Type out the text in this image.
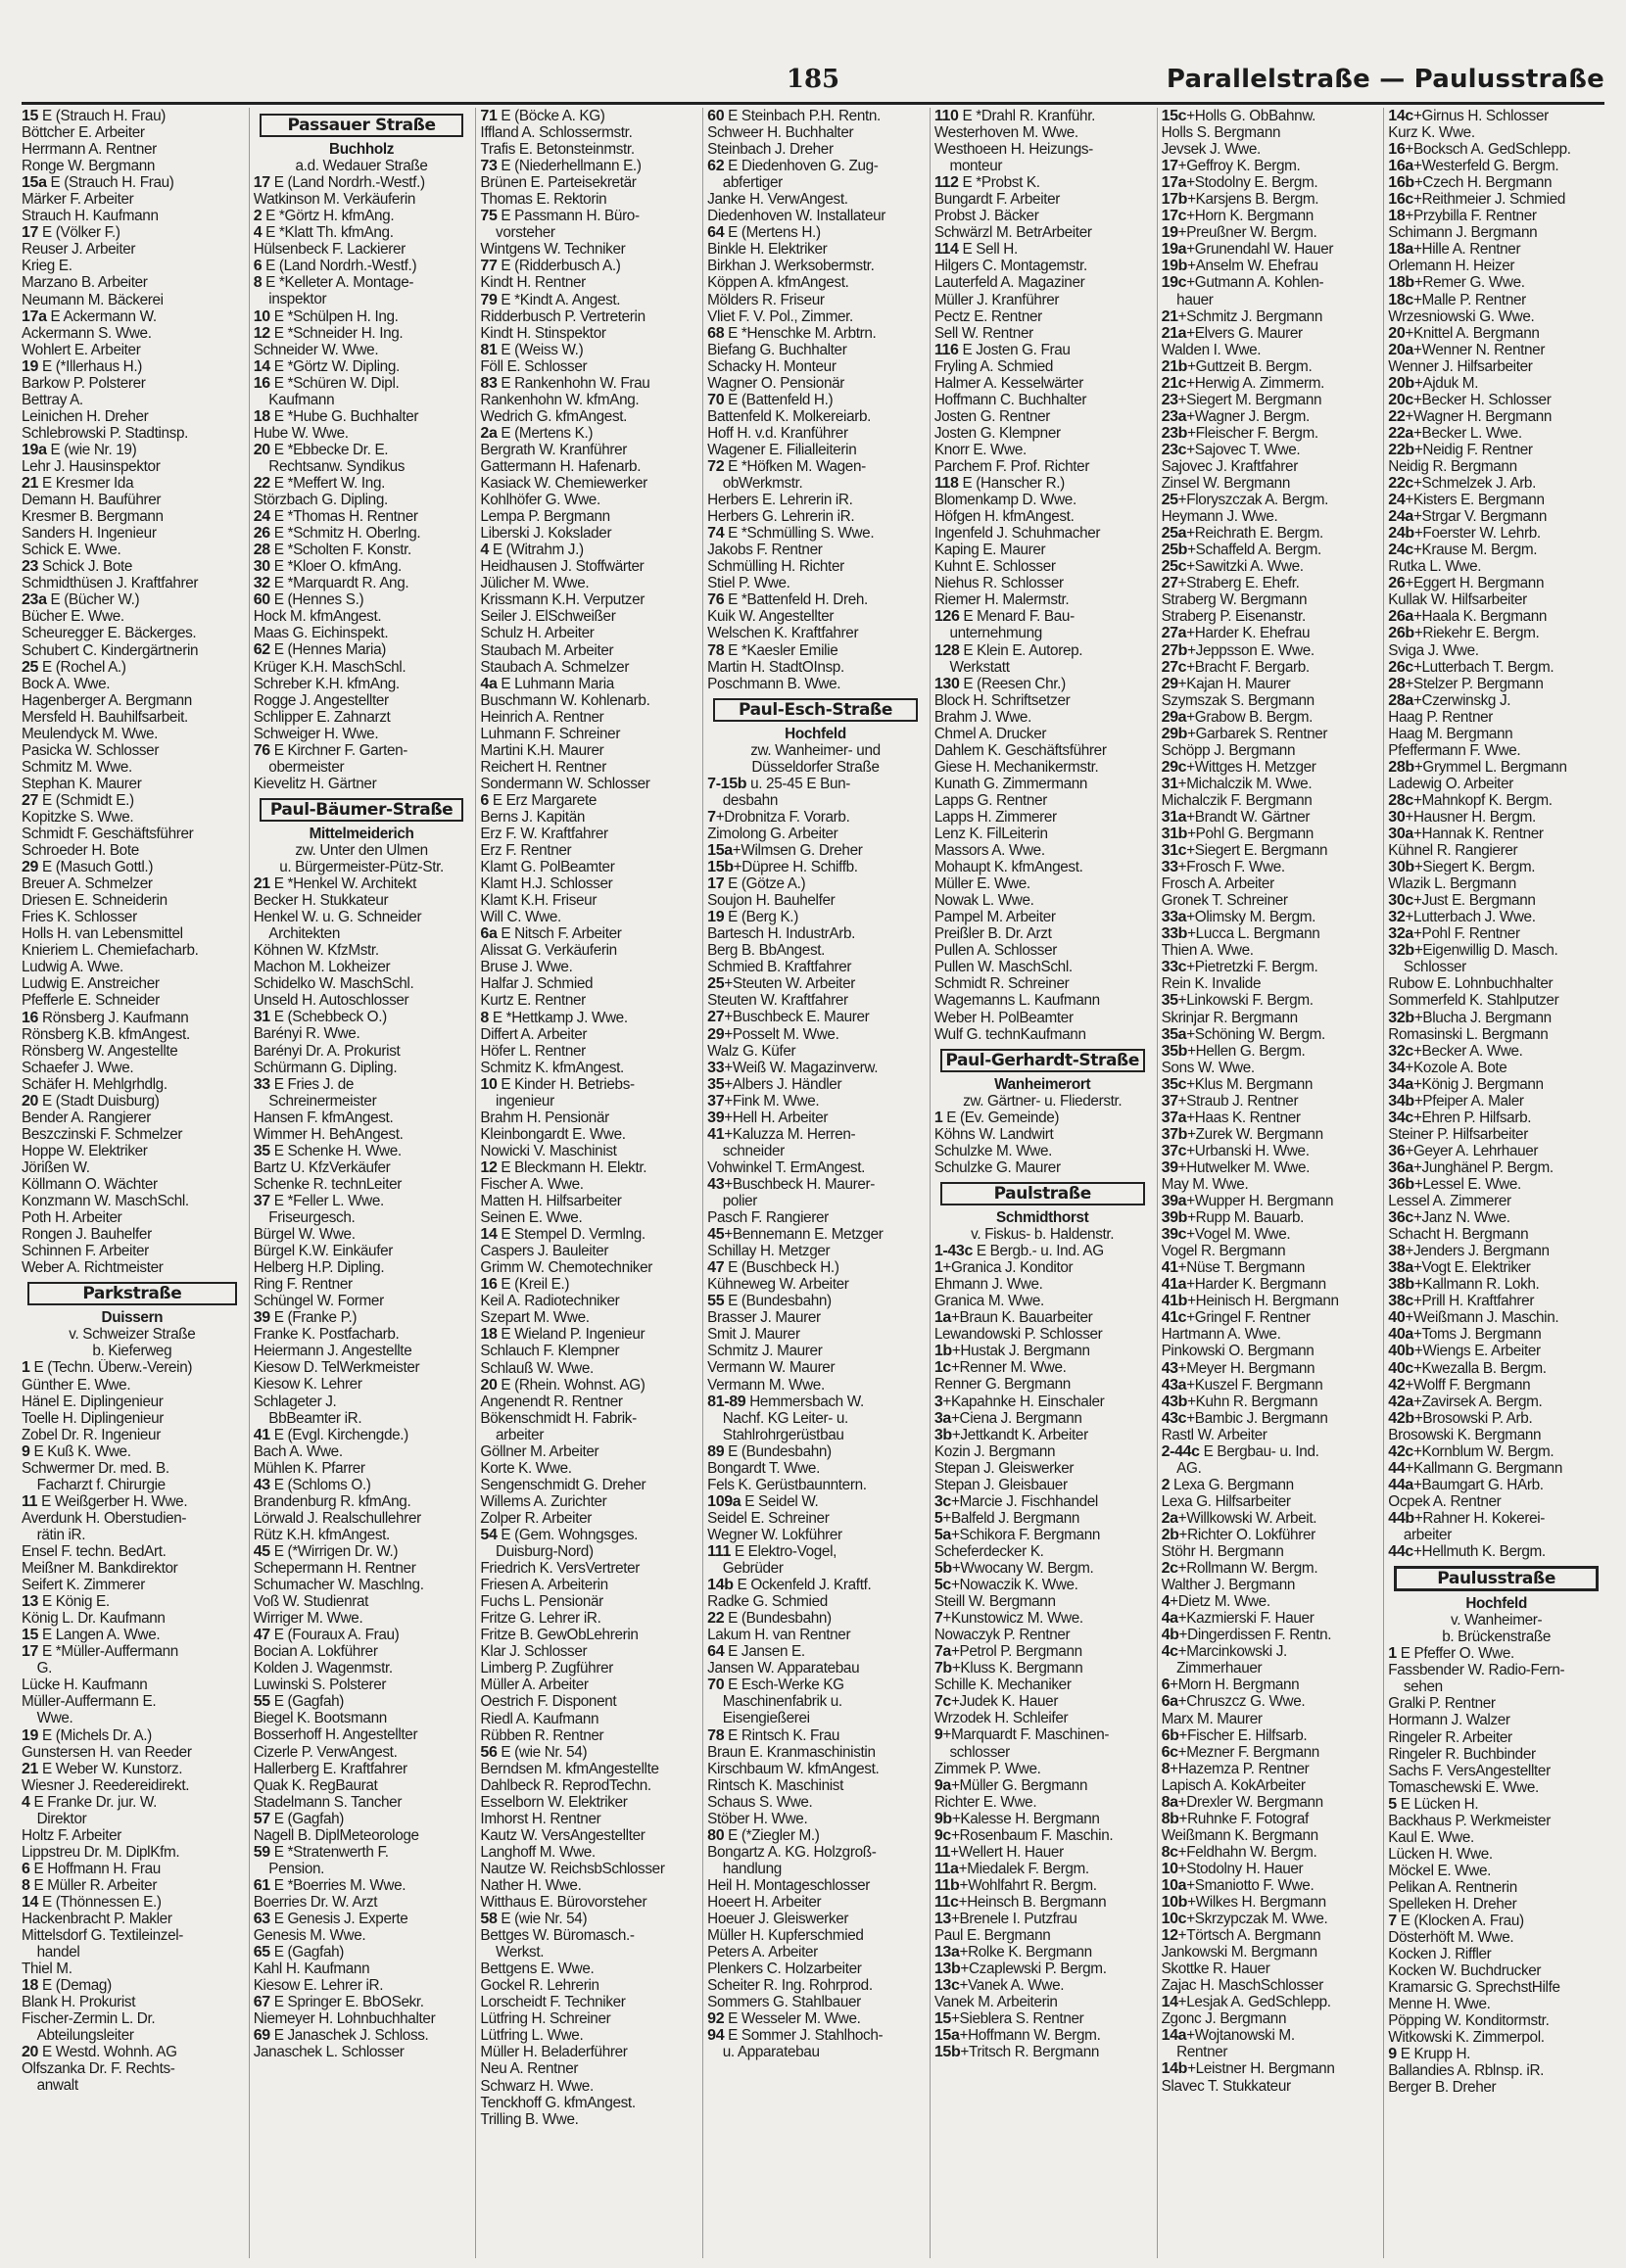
185	Parallelstraße — Paulusstraße
15 E (Strauch H. Frau)
Böttcher E. Arbeiter
Herrmann A. Rentner
Ronge W. Bergmann
15a E (Strauch H. Frau)
Märker F. Arbeiter
Strauch H. Kaufmann
17 E (Völker F.)
Reuser J. Arbeiter
Krieg E.
Marzano B. Arbeiter
Neumann M. Bäckerei
17a E Ackermann W.
Ackermann S. Wwe.
Wohlert E. Arbeiter
19 E (*Illerhaus H.)
Barkow P. Polsterer
Bettray A.
Leinichen H. Dreher
Schlebrowski P. Stadtinsp.
19a E (wie Nr. 19)
Lehr J. Hausinspektor
21 E Kresmer Ida
Demann H. Bauführer
Kresmer B. Bergmann
Sanders H. Ingenieur
Schick E. Wwe.
23 Schick J. Bote
Schmidthüsen J. Kraftfahrer
23a E (Bücher W.)
Bücher E. Wwe.
Scheuregger E. Bäckerges.
Schubert C. Kindergärtnerin
25 E (Rochel A.)
Bock A. Wwe.
Hagenberger A. Bergmann
Mersfeld H. Bauhilfsarbeit.
Meulendyck M. Wwe.
Pasicka W. Schlosser
Schmitz M. Wwe.
Stephan K. Maurer
27 E (Schmidt E.)
Kopitzke S. Wwe.
Schmidt F. Geschäftsführer
Schroeder H. Bote
29 E (Masuch Gottl.)
Breuer A. Schmelzer
Driesen E. Schneiderin
Fries K. Schlosser
Holls H. van Lebensmittel
Knieriem L. Chemiefacharb.
Ludwig A. Wwe.
Ludwig E. Anstreicher
Pfefferle E. Schneider
16 Rönsberg J. Kaufmann
Rönsberg K.B. kfmAngest.
Rönsberg W. Angestellte
Schaefer J. Wwe.
Schäfer H. Mehlgrhdlg.
20 E (Stadt Duisburg)
Bender A. Rangierer
Beszczinski F. Schmelzer
Hoppe W. Elektriker
Jörißen W.
Köllmann O. Wächter
Konzmann W. MaschSchl.
Poth H. Arbeiter
Rongen J. Bauhelfer
Schinnen F. Arbeiter
Weber A. Richtmeister
Parkstraße
Duissern
v. Schweizer Straße
b. Kieferweg
1 E (Techn. Überw.-Verein)
Günther E. Wwe.
Hänel E. Diplingenieur
Toelle H. Diplingenieur
Zobel Dr. R. Ingenieur
9 E Kuß K. Wwe.
Schwermer Dr. med. B.
Facharzt f. Chirurgie
11 E Weißgerber H. Wwe.
Averdunk H. Oberstudien-
rätin iR.
Ensel F. techn. BedArt.
Meißner M. Bankdirektor
Seifert K. Zimmerer
13 E König E.
König L. Dr. Kaufmann
15 E Langen A. Wwe.
17 E *Müller-Auffermann
G.
Lücke H. Kaufmann
Müller-Auffermann E.
Wwe.
19 E (Michels Dr. A.)
Gunstersen H. van Reeder
21 E Weber W. Kunstorz.
Wiesner J. Reedereidirekt.
4 E Franke Dr. jur. W.
Direktor
Holtz F. Arbeiter
Lippstreu Dr. M. DiplKfm.
6 E Hoffmann H. Frau
8 E Müller R. Arbeiter
14 E (Thönnessen E.)
Hackenbracht P. Makler
Mittelsdorf G. Textileinzel-
handel
Thiel M.
18 E (Demag)
Blank H. Prokurist
Fischer-Zermin L. Dr.
Abteilungsleiter
20 E Westd. Wohnh. AG
Olfszanka Dr. F. Rechts-
anwalt
Passauer Straße
Buchholz
a.d. Wedauer Straße
17 E (Land Nordrh.-Westf.)
Watkinson M. Verkäuferin
2 E *Görtz H. kfmAng.
4 E *Klatt Th. kfmAng.
Hülsenbeck F. Lackierer
6 E (Land Nordrh.-Westf.)
8 E *Kelleter A. Montage-
inspektor
10 E *Schülpen H. Ing.
12 E *Schneider H. Ing.
Schneider W. Wwe.
14 E *Görtz W. Dipling.
16 E *Schüren W. Dipl.
Kaufmann
18 E *Hube G. Buchhalter
Hube W. Wwe.
20 E *Ebbecke Dr. E.
Rechtsanw. Syndikus
22 E *Meffert W. Ing.
Störzbach G. Dipling.
24 E *Thomas H. Rentner
26 E *Schmitz H. Oberlng.
28 E *Scholten F. Konstr.
30 E *Kloer O. kfmAng.
32 E *Marquardt R. Ang.
60 E (Hennes S.)
Hock M. kfmAngest.
Maas G. Eichinspekt.
62 E (Hennes Maria)
Krüger K.H. MaschSchl.
Schreber K.H. kfmAng.
Rogge J. Angestellter
Schlipper E. Zahnarzt
Schweiger H. Wwe.
76 E Kirchner F. Garten-
obermeister
Kievelitz H. Gärtner
Paul-Bäumer-Straße
Mittelmeiderich
zw. Unter den Ulmen
u. Bürgermeister-Pütz-Str.
21 E *Henkel W. Architekt
Becker H. Stukkateur
Henkel W. u. G. Schneider
Architekten
Köhnen W. KfzMstr.
Machon M. Lokheizer
Schidelko W. MaschSchl.
Unseld H. Autoschlosser
31 E (Schebbeck O.)
Barényi R. Wwe.
Barényi Dr. A. Prokurist
Schürmann G. Dipling.
33 E Fries J. de
Schreinermeister
Hansen F. kfmAngest.
Wimmer H. BehAngest.
35 E Schenke H. Wwe.
Bartz U. KfzVerkäufer
Schenke R. technLeiter
37 E *Feller L. Wwe.
Friseurgesch.
Bürgel W. Wwe.
Bürgel K.W. Einkäufer
Helberg H.P. Dipling.
Ring F. Rentner
Schüngel W. Former
39 E (Franke P.)
Franke K. Postfacharb.
Heiermann J. Angestellte
Kiesow D. TelWerkmeister
Kiesow K. Lehrer
Schlageter J.
BbBeamter iR.
41 E (Evgl. Kirchengde.)
Bach A. Wwe.
Mühlen K. Pfarrer
43 E (Schloms O.)
Brandenburg R. kfmAng.
Lörwald J. Realschullehrer
Rütz K.H. kfmAngest.
45 E (*Wirrigen Dr. W.)
Schepermann H. Rentner
Schumacher W. Maschlng.
Voß W. Studienrat
Wirriger M. Wwe.
47 E (Fouraux A. Frau)
Bocian A. Lokführer
Kolden J. Wagenmstr.
Luwinski S. Polsterer
55 E (Gagfah)
Biegel K. Bootsmann
Bosserhoff H. Angestellter
Cizerle P. VerwAngest.
Hallerberg E. Kraftfahrer
Quak K. RegBaurat
Stadelmann S. Tancher
57 E (Gagfah)
Nagell B. DiplMeteorologe
59 E *Stratenwerth F.
Pension.
61 E *Boerries M. Wwe.
Boerries Dr. W. Arzt
63 E Genesis J. Experte
Genesis M. Wwe.
65 E (Gagfah)
Kahl H. Kaufmann
Kiesow E. Lehrer iR.
67 E Springer E. BbOSekr.
Niemeyer H. Lohnbuchhalter
69 E Janaschek J. Schloss.
Janaschek L. Schlosser
71 E (Böcke A. KG)
Iffland A. Schlossermstr.
Trafis E. Betonsteinmstr.
73 E (Niederhellmann E.)
Brünen E. Parteisekretär
Thomas E. Rektorin
75 E Passmann H. Büro-
vorsteher
Wintgens W. Techniker
77 E (Ridderbusch A.)
Kindt H. Rentner
79 E *Kindt A. Angest.
Ridderbusch P. Vertreterin
Kindt H. Stinspektor
81 E (Weiss W.)
Föll E. Schlosser
83 E Rankenhohn W. Frau
Rankenhohn W. kfmAng.
Wedrich G. kfmAngest.
2a E (Mertens K.)
Bergrath W. Kranführer
Gattermann H. Hafenarb.
Kasiack W. Chemiewerker
Kohlhöfer G. Wwe.
Lempa P. Bergmann
Liberski J. Kokslader
4 E (Witrahm J.)
Heidhausen J. Stoffwärter
Jülicher M. Wwe.
Krissmann K.H. Verputzer
Seiler J. ElSchweißer
Schulz H. Arbeiter
Staubach M. Arbeiter
Staubach A. Schmelzer
4a E Luhmann Maria
Buschmann W. Kohlenarb.
Heinrich A. Rentner
Luhmann F. Schreiner
Martini K.H. Maurer
Reichert H. Rentner
Sondermann W. Schlosser
6 E Erz Margarete
Berns J. Kapitän
Erz F. W. Kraftfahrer
Erz F. Rentner
Klamt G. PolBeamter
Klamt H.J. Schlosser
Klamt K.H. Friseur
Will C. Wwe.
6a E Nitsch F. Arbeiter
Alissat G. Verkäuferin
Bruse J. Wwe.
Halfar J. Schmied
Kurtz E. Rentner
8 E *Hettkamp J. Wwe.
Differt A. Arbeiter
Höfer L. Rentner
Schmitz K. kfmAngest.
10 E Kinder H. Betriebs-
ingenieur
Brahm H. Pensionär
Kleinbongardt E. Wwe.
Nowicki V. Maschinist
12 E Bleckmann H. Elektr.
Fischer A. Wwe.
Matten H. Hilfsarbeiter
Seinen E. Wwe.
14 E Stempel D. Vermlng.
Caspers J. Bauleiter
Grimm W. Chemotechniker
16 E (Kreil E.)
Keil A. Radiotechniker
Szepart M. Wwe.
18 E Wieland P. Ingenieur
Schlauch F. Klempner
Schlauß W. Wwe.
20 E (Rhein. Wohnst. AG)
Angenendt R. Rentner
Bökenschmidt H. Fabrik-
arbeiter
Göllner M. Arbeiter
Korte K. Wwe.
Sengenschmidt G. Dreher
Willems A. Zurichter
Zolper R. Arbeiter
54 E (Gem. Wohngsges.
Duisburg-Nord)
Friedrich K. VersVertreter
Friesen A. Arbeiterin
Fuchs L. Pensionär
Fritze G. Lehrer iR.
Fritze B. GewObLehrerin
Klar J. Schlosser
Limberg P. Zugführer
Müller A. Arbeiter
Oestrich F. Disponent
Riedl A. Kaufmann
Rübben R. Rentner
56 E (wie Nr. 54)
Berndsen M. kfmAngestellte
Dahlbeck R. ReprodTechn.
Esselborn W. Elektriker
Imhorst H. Rentner
Kautz W. VersAngestellter
Langhoff M. Wwe.
Nautze W. ReichsbSchlosser
Nather H. Wwe.
Witthaus E. Bürovorsteher
58 E (wie Nr. 54)
Bettges W. Büromasch.-
Werkst.
Bettgens E. Wwe.
Gockel R. Lehrerin
Lorscheidt F. Techniker
Lütfring H. Schreiner
Lütfring L. Wwe.
Müller H. Beladerführer
Neu A. Rentner
Schwarz H. Wwe.
Tenckhoff G. kfmAngest.
Trilling B. Wwe.
60 E Steinbach P.H. Rentn.
Schweer H. Buchhalter
Steinbach J. Dreher
62 E Diedenhoven G. Zug-
abfertiger
Janke H. VerwAngest.
Diedenhoven W. Installateur
64 E (Mertens H.)
Binkle H. Elektriker
Birkhan J. Werksobermstr.
Köppen A. kfmAngest.
Mölders R. Friseur
Vliet F. V. Pol., Zimmer.
68 E *Henschke M. Arbtrn.
Biefang G. Buchhalter
Schacky H. Monteur
Wagner O. Pensionär
70 E (Battenfeld H.)
Battenfeld K. Molkereiarb.
Hoff H. v.d. Kranführer
Wagener E. Filialleiterin
72 E *Höfken M. Wagen-
obWerkmstr.
Herbers E. Lehrerin iR.
Herbers G. Lehrerin iR.
74 E *Schmülling S. Wwe.
Jakobs F. Rentner
Schmülling H. Richter
Stiel P. Wwe.
76 E *Battenfeld H. Dreh.
Kuik W. Angestellter
Welschen K. Kraftfahrer
78 E *Kaesler Emilie
Martin H. StadtOInsp.
Poschmann B. Wwe.
Paul-Esch-Straße
Hochfeld
zw. Wanheimer- und
Düsseldorfer Straße
7-15b u. 25-45 E Bun-
desbahn
7+Drobnitza F. Vorarb.
Zimolong G. Arbeiter
15a+Wilmsen G. Dreher
15b+Düpree H. Schiffb.
17 E (Götze A.)
Soujon H. Bauhelfer
19 E (Berg K.)
Bartesch H. IndustrArb.
Berg B. BbAngest.
Schmied B. Kraftfahrer
25+Steuten W. Arbeiter
Steuten W. Kraftfahrer
27+Buschbeck E. Maurer
29+Posselt M. Wwe.
Walz G. Küfer
33+Weiß W. Magazinverw.
35+Albers J. Händler
37+Fink M. Wwe.
39+Hell H. Arbeiter
41+Kaluzza M. Herren-
schneider
Vohwinkel T. ErmAngest.
43+Buschbeck H. Maurer-
polier
Pasch F. Rangierer
45+Bennemann E. Metzger
Schillay H. Metzger
47 E (Buschbeck H.)
Kühneweg W. Arbeiter
55 E (Bundesbahn)
Brasser J. Maurer
Smit J. Maurer
Schmitz J. Maurer
Vermann W. Maurer
Vermann M. Wwe.
81-89 Hemmersbach W.
Nachf. KG Leiter- u.
Stahlrohrgerüstbau
89 E (Bundesbahn)
Bongardt T. Wwe.
Fels K. Gerüstbaunntern.
109a E Seidel W.
Seidel E. Schreiner
Wegner W. Lokführer
111 E Elektro-Vogel,
Gebrüder
14b E Ockenfeld J. Kraftf.
Radke G. Schmied
22 E (Bundesbahn)
Lakum H. van Rentner
64 E Jansen E.
Jansen W. Apparatebau
70 E Esch-Werke KG
Maschinenfabrik u.
Eisengießerei
78 E Rintsch K. Frau
Braun E. Kranmaschinistin
Kirschbaum W. kfmAngest.
Rintsch K. Maschinist
Schaus S. Wwe.
Stöber H. Wwe.
80 E (*Ziegler M.)
Bongartz A. KG. Holzgroß-
handlung
Heil H. Montageschlosser
Hoeert H. Arbeiter
Hoeuer J. Gleiswerker
Müller H. Kupferschmied
Peters A. Arbeiter
Plenkers C. Holzarbeiter
Scheiter R. Ing. Rohrprod.
Sommers G. Stahlbauer
92 E Wesseler M. Wwe.
94 E Sommer J. Stahlhoch-
u. Apparatebau
110 E *Drahl R. Kranführ.
Westerhoven M. Wwe.
Westhoeen H. Heizungs-
monteur
112 E *Probst K.
Bungardt F. Arbeiter
Probst J. Bäcker
Schwärzl M. BetrArbeiter
114 E Sell H.
Hilgers C. Montagemstr.
Lauterfeld A. Magaziner
Müller J. Kranführer
Pectz E. Rentner
Sell W. Rentner
116 E Josten G. Frau
Fryling A. Schmied
Halmer A. Kesselwärter
Hoffmann C. Buchhalter
Josten G. Rentner
Josten G. Klempner
Knorr E. Wwe.
Parchem F. Prof. Richter
118 E (Hanscher R.)
Blomenkamp D. Wwe.
Höfgen H. kfmAngest.
Ingenfeld J. Schuhmacher
Kaping E. Maurer
Kuhnt E. Schlosser
Niehus R. Schlosser
Riemer H. Malermstr.
126 E Menard F. Bau-
unternehmung
128 E Klein E. Autorep.
Werkstatt
130 E (Reesen Chr.)
Block H. Schriftsetzer
Brahm J. Wwe.
Chmel A. Drucker
Dahlem K. Geschäftsführer
Giese H. Mechanikermstr.
Kunath G. Zimmermann
Lapps G. Rentner
Lapps H. Zimmerer
Lenz K. FilLeiterin
Massors A. Wwe.
Mohaupt K. kfmAngest.
Müller E. Wwe.
Nowak L. Wwe.
Pampel M. Arbeiter
Preißler B. Dr. Arzt
Pullen A. Schlosser
Pullen W. MaschSchl.
Schmidt R. Schreiner
Wagemanns L. Kaufmann
Weber H. PolBeamter
Wulf G. technKaufmann
Paul-Gerhardt-Straße
Wanheimerort
zw. Gärtner- u. Fliederstr.
1 E (Ev. Gemeinde)
Köhns W. Landwirt
Schulzke M. Wwe.
Schulzke G. Maurer
Paulstraße
Schmidthorst
v. Fiskus- b. Haldenstr.
1-43c E Bergb.- u. Ind. AG
1+Granica J. Konditor
Ehmann J. Wwe.
Granica M. Wwe.
1a+Braun K. Bauarbeiter
Lewandowski P. Schlosser
1b+Hustak J. Bergmann
1c+Renner M. Wwe.
Renner G. Bergmann
3+Kapahnke H. Einschaler
3a+Ciena J. Bergmann
3b+Jettkandt K. Arbeiter
Kozin J. Bergmann
Stepan J. Gleiswerker
Stepan J. Gleisbauer
3c+Marcie J. Fischhandel
5+Balfeld J. Bergmann
5a+Schikora F. Bergmann
Scheferdecker K.
5b+Wwocany W. Bergm.
5c+Nowaczik K. Wwe.
Steill W. Bergmann
7+Kunstowicz M. Wwe.
Nowaczyk P. Rentner
7a+Petrol P. Bergmann
7b+Kluss K. Bergmann
Schille K. Mechaniker
7c+Judek K. Hauer
Wrzodek H. Schleifer
9+Marquardt F. Maschinen-
schlosser
Zimmek P. Wwe.
9a+Müller G. Bergmann
Richter E. Wwe.
9b+Kalesse H. Bergmann
9c+Rosenbaum F. Maschin.
11+Wellert H. Hauer
11a+Miedalek F. Bergm.
11b+Wohlfahrt R. Bergm.
11c+Heinsch B. Bergmann
13+Brenele I. Putzfrau
Paul E. Bergmann
13a+Rolke K. Bergmann
13b+Czaplewski P. Bergm.
13c+Vanek A. Wwe.
Vanek M. Arbeiterin
15+Sieblera S. Rentner
15a+Hoffmann W. Bergm.
15b+Tritsch R. Bergmann
15c+Holls G. ObBahnw.
Holls S. Bergmann
Jevsek J. Wwe.
17+Geffroy K. Bergm.
17a+Stodolny E. Bergm.
17b+Karsjens B. Bergm.
17c+Horn K. Bergmann
19+Preußner W. Bergm.
19a+Grunendahl W. Hauer
19b+Anselm W. Ehefrau
19c+Gutmann A. Kohlen-
hauer
21+Schmitz J. Bergmann
21a+Elvers G. Maurer
Walden I. Wwe.
21b+Guttzeit B. Bergm.
21c+Herwig A. Zimmerm.
23+Siegert M. Bergmann
23a+Wagner J. Bergm.
23b+Fleischer F. Bergm.
23c+Sajovec T. Wwe.
Sajovec J. Kraftfahrer
Zinsel W. Bergmann
25+Floryszczak A. Bergm.
Heymann J. Wwe.
25a+Reichrath E. Bergm.
25b+Schaffeld A. Bergm.
25c+Sawitzki A. Wwe.
27+Straberg E. Ehefr.
Straberg W. Bergmann
Straberg P. Eisenanstr.
27a+Harder K. Ehefrau
27b+Jeppsson E. Wwe.
27c+Bracht F. Bergarb.
29+Kajan H. Maurer
Szymszak S. Bergmann
29a+Grabow B. Bergm.
29b+Garbarek S. Rentner
Schöpp J. Bergmann
29c+Wittges H. Metzger
31+Michalczik M. Wwe.
Michalczik F. Bergmann
31a+Brandt W. Gärtner
31b+Pohl G. Bergmann
31c+Siegert E. Bergmann
33+Frosch F. Wwe.
Frosch A. Arbeiter
Gronek T. Schreiner
33a+Olimsky M. Bergm.
33b+Lucca L. Bergmann
Thien A. Wwe.
33c+Pietretzki F. Bergm.
Rein K. Invalide
35+Linkowski F. Bergm.
Skrinjar R. Bergmann
35a+Schöning W. Bergm.
35b+Hellen G. Bergm.
Sons W. Wwe.
35c+Klus M. Bergmann
37+Straub J. Rentner
37a+Haas K. Rentner
37b+Zurek W. Bergmann
37c+Urbanski H. Wwe.
39+Hutwelker M. Wwe.
May M. Wwe.
39a+Wupper H. Bergmann
39b+Rupp M. Bauarb.
39c+Vogel M. Wwe.
Vogel R. Bergmann
41+Nüse T. Bergmann
41a+Harder K. Bergmann
41b+Heinisch H. Bergmann
41c+Gringel F. Rentner
Hartmann A. Wwe.
Pinkowski O. Bergmann
43+Meyer H. Bergmann
43a+Kuszel F. Bergmann
43b+Kuhn R. Bergmann
43c+Bambic J. Bergmann
Rastl W. Arbeiter
2-44c E Bergbau- u. Ind.
AG.
2 Lexa G. Bergmann
Lexa G. Hilfsarbeiter
2a+Willkowski W. Arbeit.
2b+Richter O. Lokführer
Stöhr H. Bergmann
2c+Rollmann W. Bergm.
Walther J. Bergmann
4+Dietz M. Wwe.
4a+Kazmierski F. Hauer
4b+Dingerdissen F. Rentn.
4c+Marcinkowski J.
Zimmerhauer
6+Morn H. Bergmann
6a+Chruszcz G. Wwe.
Marx M. Maurer
6b+Fischer E. Hilfsarb.
6c+Mezner F. Bergmann
8+Hazemza P. Rentner
Lapisch A. KokArbeiter
8a+Drexler W. Bergmann
8b+Ruhnke F. Fotograf
Weißmann K. Bergmann
8c+Feldhahn W. Bergm.
10+Stodolny H. Hauer
10a+Smaniotto F. Wwe.
10b+Wilkes H. Bergmann
10c+Skrzypczak M. Wwe.
12+Törtsch A. Bergmann
Jankowski M. Bergmann
Skottke R. Hauer
Zajac H. MaschSchlosser
14+Lesjak A. GedSchlepp.
Zgonc J. Bergmann
14a+Wojtanowski M.
Rentner
14b+Leistner H. Bergmann
Slavec T. Stukkateur
14c+Girnus H. Schlosser
Kurz K. Wwe.
16+Bocksch A. GedSchlepp.
16a+Westerfeld G. Bergm.
16b+Czech H. Bergmann
16c+Reithmeier J. Schmied
18+Przybilla F. Rentner
Schimann J. Bergmann
18a+Hille A. Rentner
Orlemann H. Heizer
18b+Remer G. Wwe.
18c+Malle P. Rentner
Wrzesniowski G. Wwe.
20+Knittel A. Bergmann
20a+Wenner N. Rentner
Wenner J. Hilfsarbeiter
20b+Ajduk M.
20c+Becker H. Schlosser
22+Wagner H. Bergmann
22a+Becker L. Wwe.
22b+Neidig F. Rentner
Neidig R. Bergmann
22c+Schmelzek J. Arb.
24+Kisters E. Bergmann
24a+Strgar V. Bergmann
24b+Foerster W. Lehrb.
24c+Krause M. Bergm.
Rutka L. Wwe.
26+Eggert H. Bergmann
Kullak W. Hilfsarbeiter
26a+Haala K. Bergmann
26b+Riekehr E. Bergm.
Sviga J. Wwe.
26c+Lutterbach T. Bergm.
28+Stelzer P. Bergmann
28a+Czerwinskg J.
Haag P. Rentner
Haag M. Bergmann
Pfeffermann F. Wwe.
28b+Grymmel L. Bergmann
Ladewig O. Arbeiter
28c+Mahnkopf K. Bergm.
30+Hausner H. Bergm.
30a+Hannak K. Rentner
Kühnel R. Rangierer
30b+Siegert K. Bergm.
Wlazik L. Bergmann
30c+Just E. Bergmann
32+Lutterbach J. Wwe.
32a+Pohl F. Rentner
32b+Eigenwillig D. Masch.
Schlosser
Rubow E. Lohnbuchhalter
Sommerfeld K. Stahlputzer
32b+Blucha J. Bergmann
Romasinski L. Bergmann
32c+Becker A. Wwe.
34+Kozole A. Bote
34a+König J. Bergmann
34b+Pfeiper A. Maler
34c+Ehren P. Hilfsarb.
Steiner P. Hilfsarbeiter
36+Geyer A. Lehrhauer
36a+Junghänel P. Bergm.
36b+Lessel E. Wwe.
Lessel A. Zimmerer
36c+Janz N. Wwe.
Schacht H. Bergmann
38+Jenders J. Bergmann
38a+Vogt E. Elektriker
38b+Kallmann R. Lokh.
38c+Prill H. Kraftfahrer
40+Weißmann J. Maschin.
40a+Toms J. Bergmann
40b+Wiengs E. Arbeiter
40c+Kwezalla B. Bergm.
42+Wolff F. Bergmann
42a+Zavirsek A. Bergm.
42b+Brosowski P. Arb.
Brosowski K. Bergmann
42c+Kornblum W. Bergm.
44+Kallmann G. Bergmann
44a+Baumgart G. HArb.
Ocpek A. Rentner
44b+Rahner H. Kokerei-
arbeiter
44c+Hellmuth K. Bergm.
Paulusstraße
Hochfeld
v. Wanheimer-
b. Brückenstraße
1 E Pfeffer O. Wwe.
Fassbender W. Radio-Fern-
sehen
Gralki P. Rentner
Hormann J. Walzer
Ringeler R. Arbeiter
Ringeler R. Buchbinder
Sachs F. VersAngestellter
Tomaschewski E. Wwe.
5 E Lücken H.
Backhaus P. Werkmeister
Kaul E. Wwe.
Lücken H. Wwe.
Möckel E. Wwe.
Pelikan A. Rentnerin
Spelleken H. Dreher
7 E (Klocken A. Frau)
Dösterhöft M. Wwe.
Kocken J. Riffler
Kocken W. Buchdrucker
Kramarsic G. SprechstHilfe
Menne H. Wwe.
Pöpping W. Konditormstr.
Witkowski K. Zimmerpol.
9 E Krupp H.
Ballandies A. Rblnsp. iR.
Berger B. Dreher
